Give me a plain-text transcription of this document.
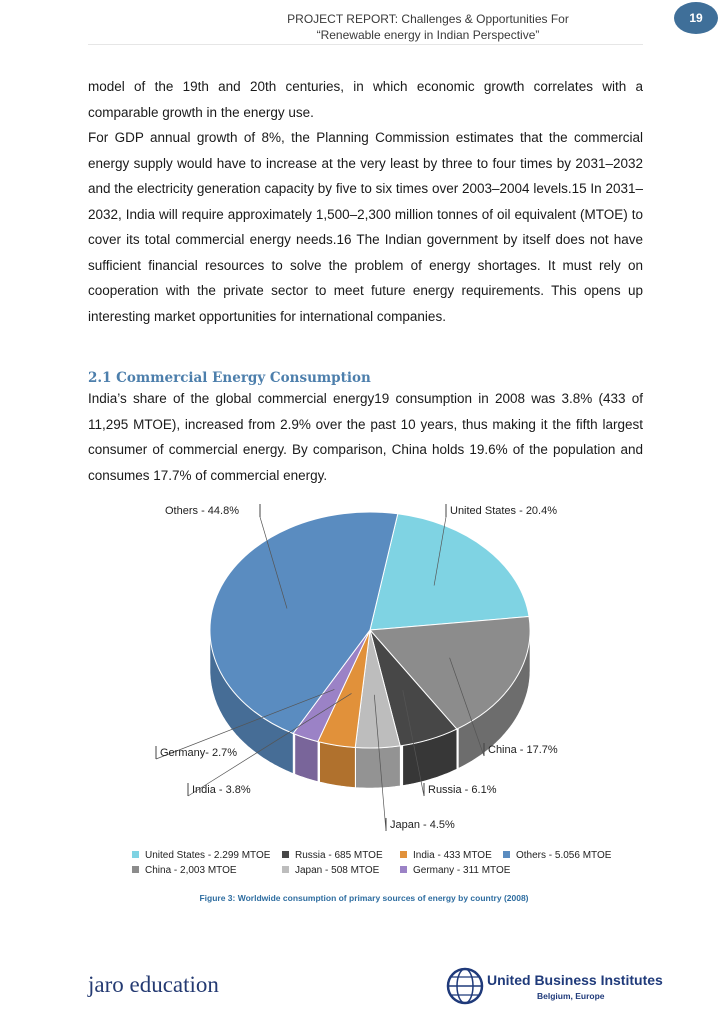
PROJECT REPORT: Challenges & Opportunities For
“Renewable energy in Indian Perspective”
19

model of the 19th and 20th centuries, in which economic growth correlates with a comparable growth in the energy use.

For GDP annual growth of 8%, the Planning Commission estimates that the commercial energy supply would have to increase at the very least by three to four times by 2031–2032 and the electricity generation capacity by five to six times over 2003–2004 levels.15 In 2031– 2032, India will require approximately 1,500–2,300 million tonnes of oil equivalent (MTOE) to cover its total commercial energy needs.16 The Indian government by itself does not have sufficient financial resources to solve the problem of energy shortages. It must rely on cooperation with the private sector to meet future energy requirements. This opens up interesting market opportunities for international companies.

2.1 Commercial Energy Consumption

India’s share of the global commercial energy19 consumption in 2008 was 3.8% (433 of 11,295 MTOE), increased from 2.9% over the past 10 years, thus making it the fifth largest consumer of commercial energy. By comparison, China holds 19.6% of the population and consumes 17.7% of commercial energy.

United States - 20.4%
China - 17.7%
Russia - 6.1%
Japan - 4.5%
India - 3.8%
Germany- 2.7%
Others - 44.8%
United States - 2.299 MTOE Russia - 685 MTOE	India - 433 MTOE Others - 5.056 MTOE
China - 2,003 MTOE	Japan - 508 MTOE	Germany - 311 MTOE
Figure 3: Worldwide consumption of primary sources of energy by country (2008)
jaro education	United Business Institutes
Belgium, Europe
